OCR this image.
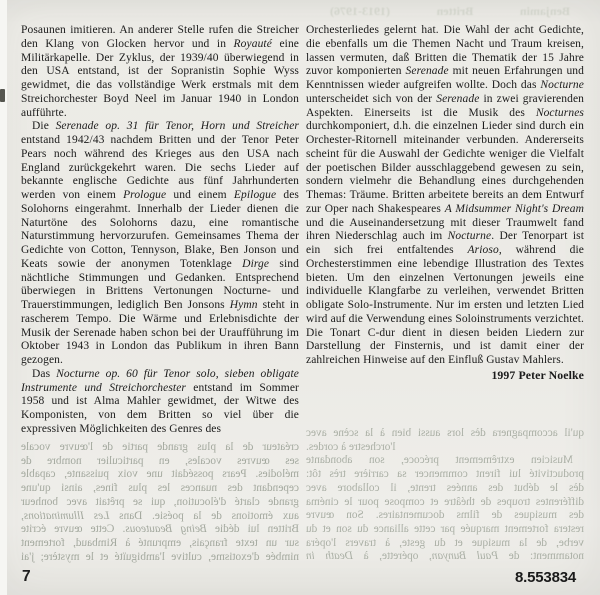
Benjamin Britten (1913-1976)

Posaunen imitieren. An anderer Stelle rufen die Streicher den Klang von Glocken hervor und in Royauté eine Militärkapelle. Der Zyklus, der 1939/40 überwiegend in den USA entstand, ist der Sopranistin Sophie Wyss gewidmet, die das vollständige Werk erstmals mit dem Streichorchester Boyd Neel im Januar 1940 in London aufführte.

Die Serenade op. 31 für Tenor, Horn und Streicher entstand 1942/43 nachdem Britten und der Tenor Peter Pears noch während des Krieges aus den USA nach England zurückgekehrt waren. Die sechs Lieder auf bekannte englische Gedichte aus fünf Jahrhunderten werden von einem Prologue und einem Epilogue des Solohorns eingerahmt. Innerhalb der Lieder dienen die Naturtöne des Solohorns dazu, eine romantische Naturstimmung hervorzurufen. Gemeinsames Thema der Gedichte von Cotton, Tennyson, Blake, Ben Jonson und Keats sowie der anonymen Totenklage Dirge sind nächtliche Stimmungen und Gedanken. Entsprechend überwiegen in Brittens Vertonungen Nocturne- und Trauerstimmungen, lediglich Ben Jonsons Hymn steht in rascherem Tempo. Die Wärme und Erlebnisdichte der Musik der Serenade haben schon bei der Uraufführung im Oktober 1943 in London das Publikum in ihren Bann gezogen.

Das Nocturne op. 60 für Tenor solo, sieben obligate Instrumente und Streichorchester entstand im Sommer 1958 und ist Alma Mahler gewidmet, der Witwe des Komponisten, von dem Britten so viel über die expressiven Möglichkeiten des Genres des

Orchesterliedes gelernt hat. Die Wahl der acht Gedichte, die ebenfalls um die Themen Nacht und Traum kreisen, lassen vermuten, daß Britten die Thematik der 15 Jahre zuvor komponierten Serenade mit neuen Erfahrungen und Kenntnissen wieder aufgreifen wollte. Doch das Nocturne unterscheidet sich von der Serenade in zwei gravierenden Aspekten. Einerseits ist die Musik des Nocturnes durchkomponiert, d.h. die einzelnen Lieder sind durch ein Orchester-Ritornell miteinander verbunden. Andererseits scheint für die Auswahl der Gedichte weniger die Vielfalt der poetischen Bilder ausschlaggebend gewesen zu sein, sondern vielmehr die Behandlung eines durchgehenden Themas: Träume. Britten arbeitete bereits an dem Entwurf zur Oper nach Shakespeares A Midsummer Night's Dream und die Auseinandersetzung mit dieser Traumwelt fand ihren Niederschlag auch im Nocturne. Der Tenorpart ist ein sich frei entfaltendes Arioso, während die Orchesterstimmen eine lebendige Illustration des Textes bieten. Um den einzelnen Vertonungen jeweils eine individuelle Klangfarbe zu verleihen, verwendet Britten obligate Solo-Instrumente. Nur im ersten und letzten Lied wird auf die Verwendung eines Soloinstruments verzichtet. Die Tonart C-dur dient in diesen beiden Liedern zur Darstellung der Finsternis, und ist damit einer der zahlreichen Hinweise auf den Einfluß Gustav Mahlers.

1997 Peter Noelke

créateur de la plus grande partie de l'œuvre vocale
ses œuvres vocales, en particulier nombre de
mélodies. Pears possédait une voix puissante, capable
cependant des nuances les plus fines, ainsi qu'une
grande clarté d'élocution, qui se prêtait avec bonheur
aux émotions de la poésie. Dans Les Illuminations,
Britten lui dédie Being Beauteous. Cette œuvre écrite
sur un texte français, emprunté à Rimbaud, fortement
nimbée d'exotisme, cultive l'ambiguïté et le mystère; j'ai
qu'il accompagnera dès lors aussi bien à la scène avec
l'orchestre à cordes.
Musicien extrêmement précoce, son abondante
productivité lui firent commencer sa carrière très tôt:
dès le début des années trente, il collabore avec
différentes troupes de théâtre et compose pour le cinéma
des musiques de films documentaires. Son œuvre
restera fortement marquée par cette alliance du son et du
verbe, de la musique et du geste, à travers l'opéra
notamment: de Paul Bunyan, opérette, à Death in
7	8.553834
